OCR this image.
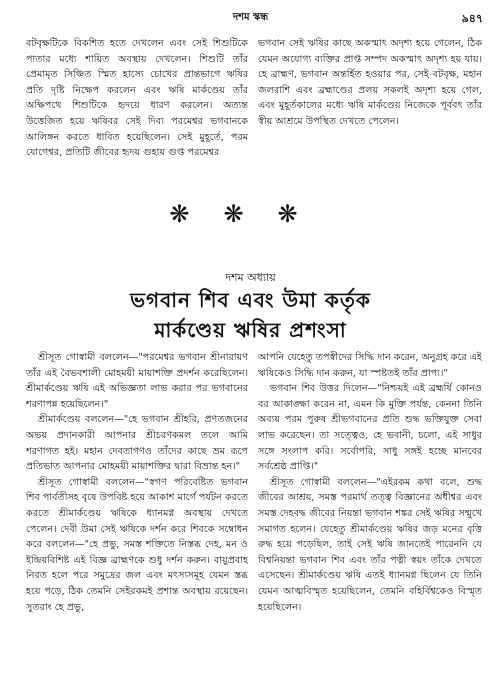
দশম স্কন্ধ	৯৪৭

বটবৃক্ষটিকে বিকশিত হতে দেখলেন এবং সেই শিশুটিকে পাতার মধ্যে শায়িত অবস্থায় দেখলেন। শিশুটি তাঁর প্রেমামৃত সিঞ্চিত স্মিত হাস্যে চোখের প্রান্তভাগে ঋষির প্রতি দৃষ্টি নিক্ষেপ করলেন এবং ঋষি মার্কণ্ডেয় তাঁর অক্ষিপথে শিশুটিকে হৃদয়ে ধারণ করলেন। অত্যন্ত উত্তেজিত হয়ে ঋষিবর সেই দিব্য পরমেশ্বর ভগবানকে আলিঙ্গন করতে ধাবিত হয়েছিলেন। সেই মুহূর্তে, পরম যোগেশ্বর, প্রতিটি জীবের হৃদয় গুহায় গুপ্ত পরমেশ্বর

ভগবান সেই ঋষির কাছে অকস্মাৎ অদৃশ্য হয়ে গেলেন, ঠিক যেমন অযোগ্য ব্যক্তির প্রাপ্ত সম্পদ অকস্মাৎ অদৃশ্য হয় যায়। হে ব্রাহ্মণ, ভগবান অন্তর্হিত হওয়ার পর, সেই বটবৃক্ষ, মহান জলরাশি এবং ব্রহ্মাণ্ডের প্রলয় সকলই অদৃশ্য হয়ে গেল, এবং মুহূর্তকালের মধ্যে ঋষি মার্কণ্ডেয় নিজেকে পূর্ববৎ তাঁর স্বীয় আশ্রমে উপস্থিত দেখতে পেলেন।

❋❋❋
দশম অধ্যায়
ভগবান শিব এবং উমা কর্তৃক
মার্কণ্ডেয় ঋষির প্রশংসা

শ্রীসূত গোস্বামী বললেন—"পরমেশ্বর ভগবান শ্রীনারায়ণ তাঁর এই বৈভবশালী মোহময়ী মায়াশক্তি প্রদর্শন করেছিলেন। শ্রীমার্কণ্ডেয় ঋষি এই অভিজ্ঞতা লাভ করার পর ভগবানের শরণাপন্ন হয়েছিলেন।"

শ্রীমার্কণ্ডেয় বললেন—"হে ভগবান শ্রীহরি, প্রণতজনের অভয় প্রদানকারী আপনার শ্রীচরণকমল তলে আমি শরণাগত হই। মহান দেবতাগণও তাঁদের কাছে ভ্রম রূপে প্রতিভাত আপনার মোহময়ী মায়াশক্তির দ্বারা বিভ্রান্ত হন।"

শ্রীসূত গোস্বামী বললেন—"স্বগণ পরিবেষ্টিত ভগবান শিব পার্বতীসহ বৃষে উপবিষ্ট হয়ে আকাশ মার্গে পর্যটন করতে করতে শ্রীমার্কণ্ডেয় ঋষিকে ধ্যানমগ্ন অবস্থায় দেখতে পেলেন। দেবী উমা সেই ঋষিকে দর্শন করে শিবকে সম্বোধন করে বললেন—"হে প্রভু, সমস্ত শক্তিতে নিস্তব্ধ দেহ, মন ও ইন্দ্রিয়বিশিষ্ট এই বিজ্ঞ ব্রাহ্মণকে শুধু দর্শন করুন। বায়ুপ্রবাহ নিরত হলে পরে সমুদ্রের জল এবং মৎস্যসমূহ যেমন স্তব্ধ হয়ে পড়ে, ঠিক তেমনি সেইরকমই প্রশান্ত অবস্থায় রয়েছেন। সুতরাং হে প্রভু,

আপনি যেহেতু তপস্বীদের সিদ্ধি দান করেন, অনুগ্রহ করে এই ঋষিকেও সিদ্ধি দান করুন, যা স্পষ্টতই তাঁর প্রাপ্য।"

ভগবান শিব উত্তর দিলেন—"নিশ্চয়ই এই ব্রহ্মর্ষি কোনও বর আকাঙ্ক্ষা করেন না, এমন কি মুক্তি পর্যন্ত, কেননা তিনি অব্যয় পরম পুরুষ শ্রীভগবানের প্রতি শুদ্ধ ভক্তিযুক্ত সেবা লাভ করেছেন। তা সত্ত্বেও, হে ভবানী, চলো, এই সাধুর সঙ্গে সংলাপ করি। সর্বোপরি, সাধু সঙ্গই হচ্ছে মানবের সর্বশ্রেষ্ঠ প্রাপ্তি।"

শ্রীসূত গোস্বামী বললেন—"এইরকম কথা বলে, শুদ্ধ জীবের আশ্রয়, সমস্ত পরমার্থ তত্ত্ব বিজ্ঞানের অধীশ্বর এবং সমস্ত দেহবদ্ধ জীবের নিয়ন্তা ভগবান শঙ্কর সেই ঋষির সম্মুখে সমাগত হলেন। যেহেতু শ্রীমার্কণ্ডেয় ঋষির জড় মনের বৃত্তি রুদ্ধ হয়ে পড়েছিল, তাই সেই ঋষি জানতেই পারেননি যে বিশ্বনিয়ন্তা ভগবান শিব এবং তাঁর পত্নী স্বয়ং তাঁকে দেখতে এসেছেন। শ্রীমার্কণ্ডেয় ঋষি এতই ধ্যানমগ্ন ছিলেন যে তিনি যেমন আত্মবিস্মৃত হয়েছিলেন, তেমনি বহির্বিশ্বকেও বিস্মৃত হয়েছিলেন।
